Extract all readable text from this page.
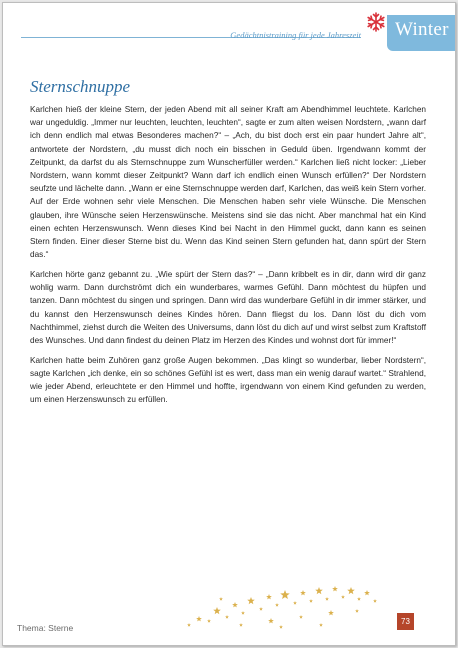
Gedächtnistraining für jede Jahreszeit Winter
Sternschnuppe

Karlchen hieß der kleine Stern, der jeden Abend mit all seiner Kraft am Abendhimmel leuchtete. Karlchen war ungeduldig. „Immer nur leuchten, leuchten, leuchten“, sagte er zum alten weisen Nordstern, „wann darf ich denn endlich mal etwas Besonderes machen?“ – „Ach, du bist doch erst ein paar hundert Jahre alt“, antwortete der Nordstern, „du musst dich noch ein bisschen in Geduld üben. Irgendwann kommt der Zeitpunkt, da darfst du als Sternschnuppe zum Wunscherfüller werden.“ Karlchen ließ nicht locker: „Lieber Nordstern, wann kommt dieser Zeitpunkt? Wann darf ich endlich einen Wunsch erfüllen?“ Der Nordstern seufzte und lächelte dann. „Wann er eine Sternschnuppe werden darf, Karlchen, das weiß kein Stern vorher. Auf der Erde wohnen sehr viele Menschen. Die Menschen haben sehr viele Wünsche. Die Menschen glauben, ihre Wünsche seien Herzenswünsche. Meistens sind sie das nicht. Aber manchmal hat ein Kind einen echten Herzenswunsch. Wenn dieses Kind bei Nacht in den Himmel guckt, dann kann es seinen Stern finden. Einer dieser Sterne bist du. Wenn das Kind seinen Stern gefunden hat, dann spürt der Stern das.“

Karlchen hörte ganz gebannt zu. „Wie spürt der Stern das?“ – „Dann kribbelt es in dir, dann wird dir ganz wohlig warm. Dann durchströmt dich ein wunderbares, warmes Gefühl. Dann möchtest du hüpfen und tanzen. Dann möchtest du singen und springen. Dann wird das wunderbare Gefühl in dir immer stärker, und du kannst den Herzenswunsch deines Kindes hören. Dann fliegst du los. Dann löst du dich vom Nachthimmel, ziehst durch die Weiten des Universums, dann löst du dich auf und wirst selbst zum Kraftstoff des Wunsches. Und dann findest du deinen Platz im Herzen des Kindes und wohnst dort für immer!“

Karlchen hatte beim Zuhören ganz große Augen bekommen. „Das klingt so wunderbar, lieber Nordstern“, sagte Karlchen „ich denke, ein so schönes Gefühl ist es wert, dass man ein wenig darauf wartet.“ Strahlend, wie jeder Abend, erleuchtete er den Himmel und hoffte, irgendwann von einem Kind gefunden zu werden, um einen Herzenswunsch zu erfüllen.

Thema: Sterne
73
